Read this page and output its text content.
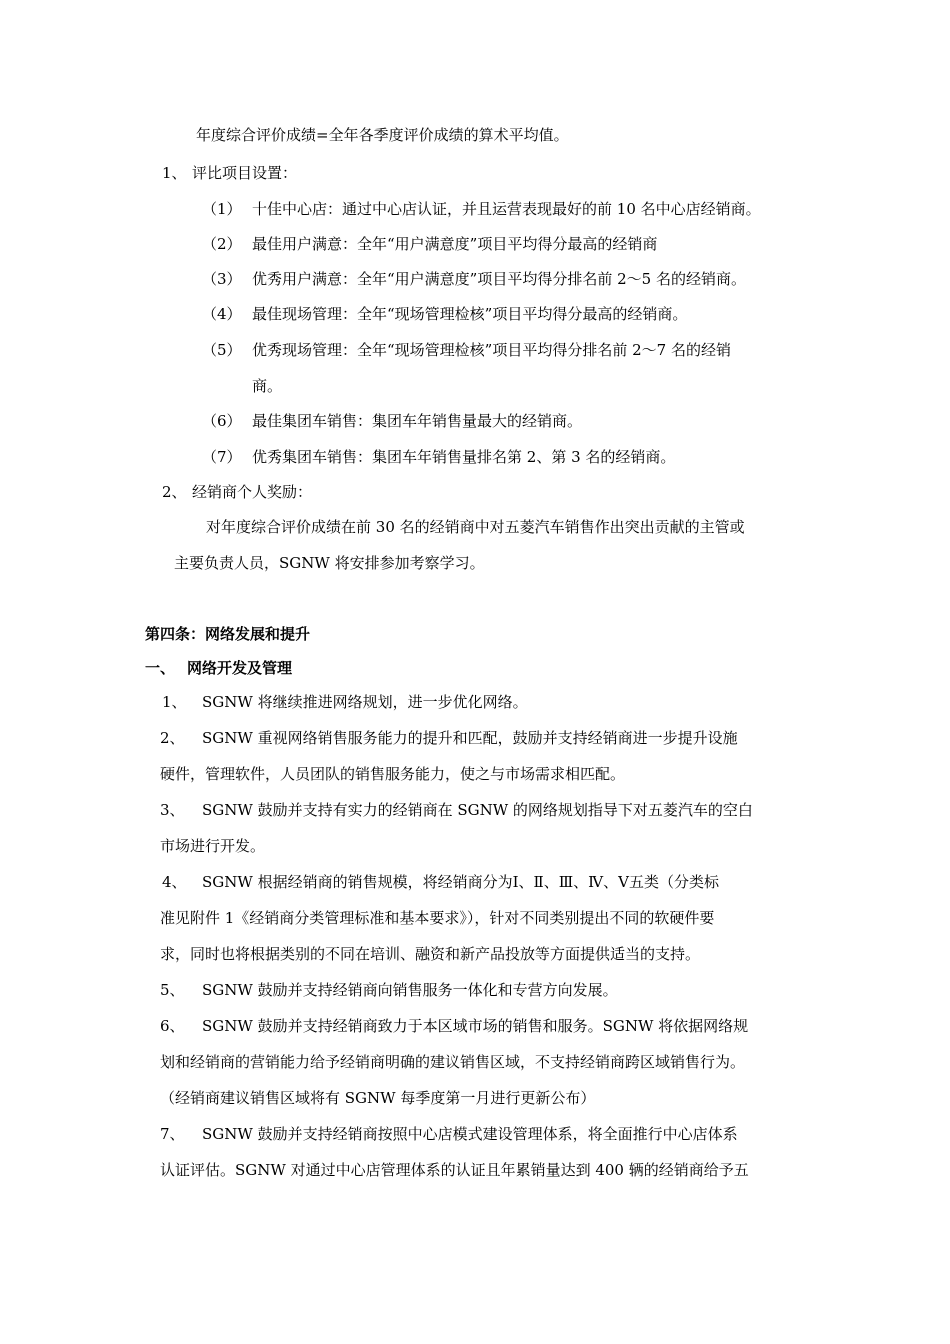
年度综合评价成绩=全年各季度评价成绩的算术平均值。
1、 评比项目设置：
（1） 十佳中心店：通过中心店认证，并且运营表现最好的前 10 名中心店经销商。
（2） 最佳用户满意：全年“用户满意度”项目平均得分最高的经销商
（3） 优秀用户满意：全年“用户满意度”项目平均得分排名前 2～5 名的经销商。
（4） 最佳现场管理：全年“现场管理检核”项目平均得分最高的经销商。
（5） 优秀现场管理：全年“现场管理检核”项目平均得分排名前 2～7 名的经销
商。
（6） 最佳集团车销售：集团车年销售量最大的经销商。
（7） 优秀集团车销售：集团车年销售量排名第 2、第 3 名的经销商。
2、 经销商个人奖励：
对年度综合评价成绩在前 30 名的经销商中对五菱汽车销售作出突出贡献的主管或
主要负责人员，SGNW 将安排参加考察学习。
第四条：网络发展和提升
一、 网络开发及管理
1、 SGNW 将继续推进网络规划，进一步优化网络。
2、 SGNW 重视网络销售服务能力的提升和匹配，鼓励并支持经销商进一步提升设施
硬件，管理软件，人员团队的销售服务能力，使之与市场需求相匹配。
3、 SGNW 鼓励并支持有实力的经销商在 SGNW 的网络规划指导下对五菱汽车的空白
市场进行开发。
4、 SGNW 根据经销商的销售规模，将经销商分为Ⅰ、Ⅱ、Ⅲ、Ⅳ、Ⅴ五类（分类标
准见附件 1《经销商分类管理标准和基本要求》），针对不同类别提出不同的软硬件要
求，同时也将根据类别的不同在培训、融资和新产品投放等方面提供适当的支持。
5、 SGNW 鼓励并支持经销商向销售服务一体化和专营方向发展。
6、 SGNW 鼓励并支持经销商致力于本区域市场的销售和服务。SGNW 将依据网络规
划和经销商的营销能力给予经销商明确的建议销售区域，不支持经销商跨区域销售行为。
（经销商建议销售区域将有 SGNW 每季度第一月进行更新公布）
7、 SGNW 鼓励并支持经销商按照中心店模式建设管理体系，将全面推行中心店体系
认证评估。SGNW 对通过中心店管理体系的认证且年累销量达到 400 辆的经销商给予五
